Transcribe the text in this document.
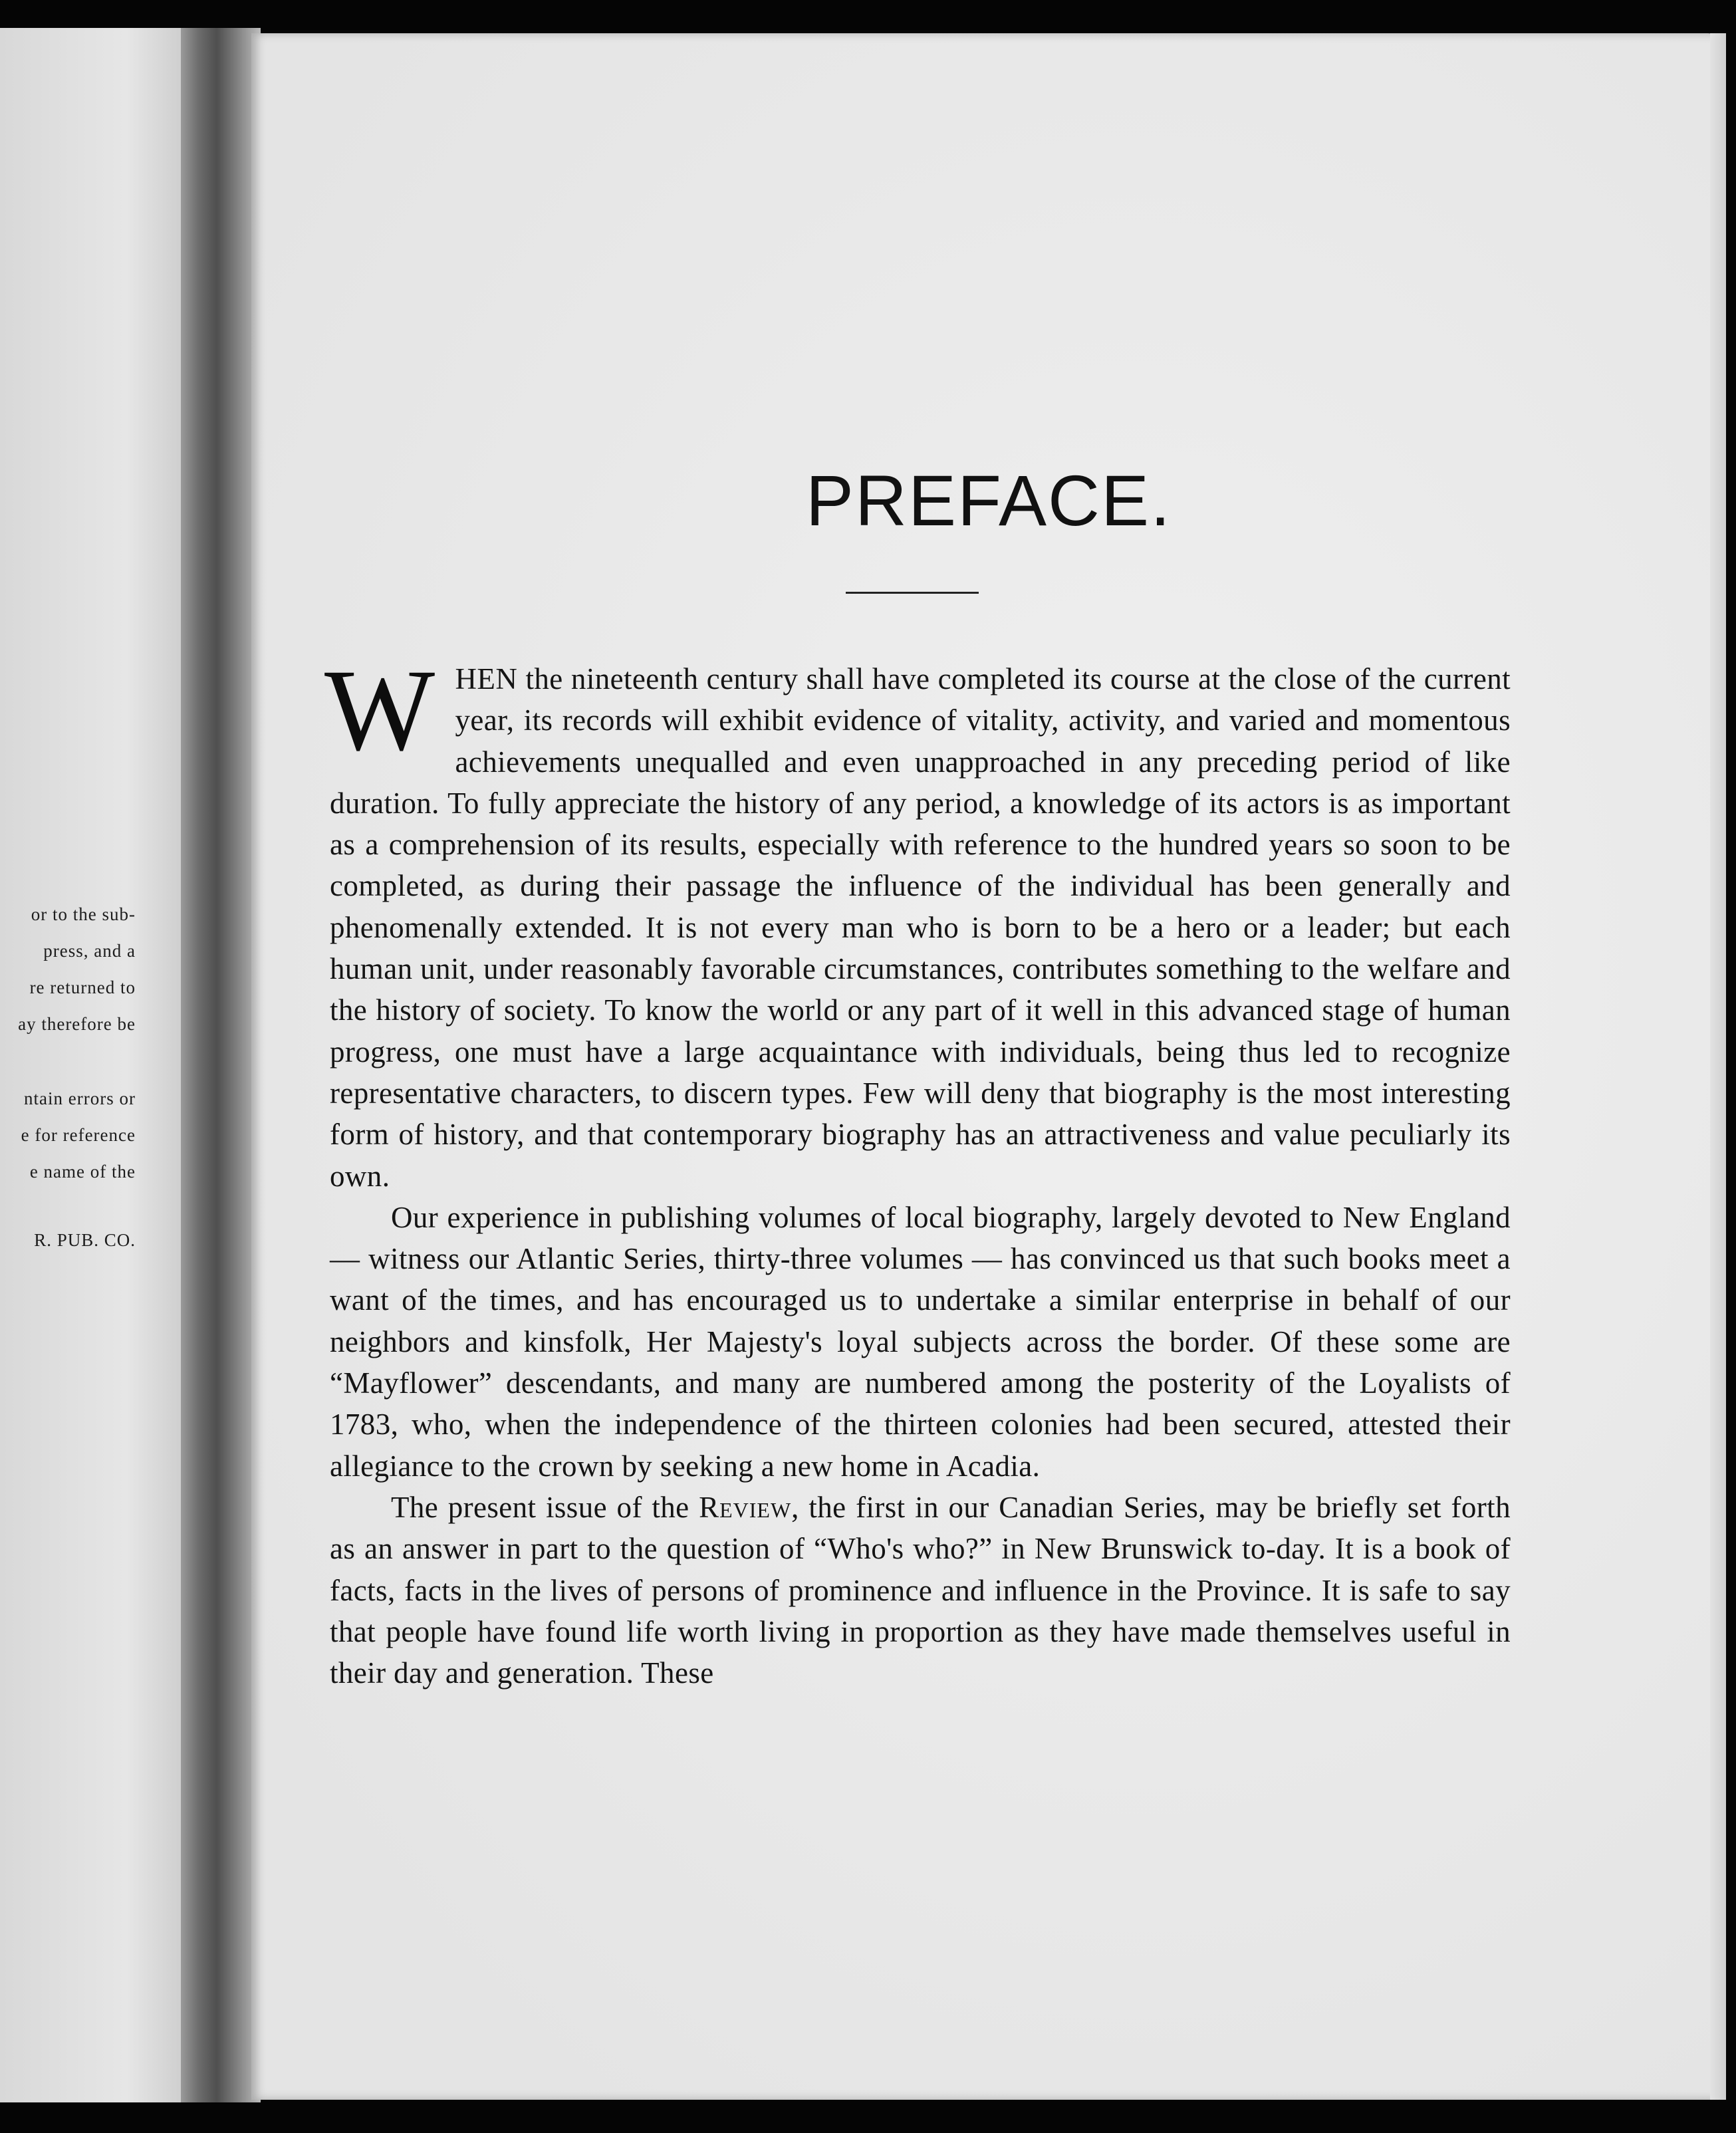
or to the sub-

press, and a

re returned to

ay therefore be

ntain errors or

e for reference

e name of the

R. PUB. CO.

PREFACE.

WHEN the nineteenth century shall have completed its course at the close of the current year, its records will exhibit evidence of vitality, activity, and varied and momentous achievements unequalled and even unapproached in any preceding period of like duration. To fully appreciate the history of any period, a knowledge of its actors is as important as a comprehension of its results, especially with reference to the hundred years so soon to be completed, as during their passage the influence of the individual has been generally and phenomenally extended. It is not every man who is born to be a hero or a leader; but each human unit, under reasonably favorable circumstances, contributes something to the welfare and the history of society. To know the world or any part of it well in this advanced stage of human progress, one must have a large acquaintance with individuals, being thus led to recognize representative characters, to discern types. Few will deny that biography is the most interesting form of history, and that contemporary biography has an attractiveness and value peculiarly its own.

Our experience in publishing volumes of local biography, largely devoted to New England — witness our Atlantic Series, thirty-three volumes — has convinced us that such books meet a want of the times, and has encouraged us to undertake a similar enterprise in behalf of our neighbors and kinsfolk, Her Majesty's loyal subjects across the border. Of these some are “Mayflower” descendants, and many are numbered among the posterity of the Loyalists of 1783, who, when the independence of the thirteen colonies had been secured, attested their allegiance to the crown by seeking a new home in Acadia.

The present issue of the Review, the first in our Canadian Series, may be briefly set forth as an answer in part to the question of “Who's who?” in New Brunswick to-day. It is a book of facts, facts in the lives of persons of prominence and influence in the Province. It is safe to say that people have found life worth living in proportion as they have made themselves useful in their day and generation. These
